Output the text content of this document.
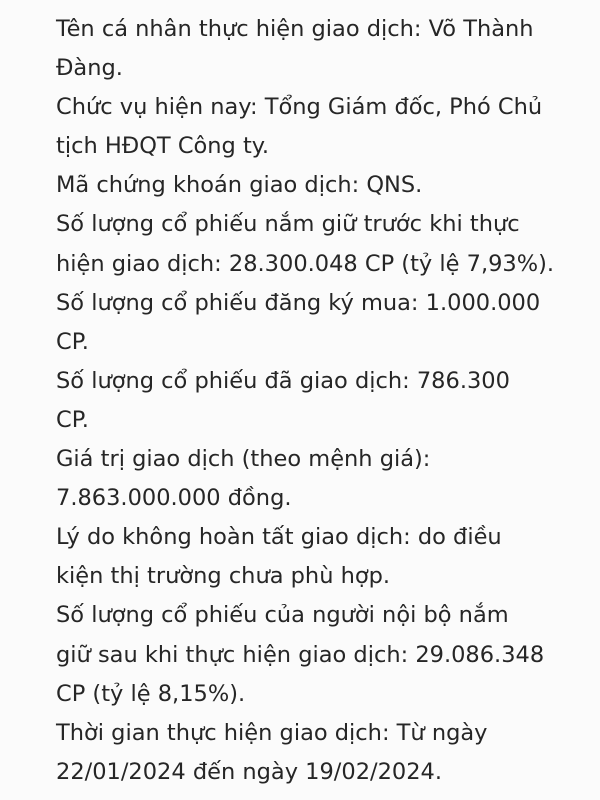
Tên cá nhân thực hiện giao dịch: Võ Thành
Đàng.
Chức vụ hiện nay: Tổng Giám đốc, Phó Chủ
tịch HĐQT Công ty.
Mã chứng khoán giao dịch: QNS.
Số lượng cổ phiếu nắm giữ trước khi thực
hiện giao dịch: 28.300.048 CP (tỷ lệ 7,93%).
Số lượng cổ phiếu đăng ký mua: 1.000.000
CP.
Số lượng cổ phiếu đã giao dịch: 786.300
CP.
Giá trị giao dịch (theo mệnh giá):
7.863.000.000 đồng.
Lý do không hoàn tất giao dịch: do điều
kiện thị trường chưa phù hợp.
Số lượng cổ phiếu của người nội bộ nắm
giữ sau khi thực hiện giao dịch: 29.086.348
CP (tỷ lệ 8,15%).
Thời gian thực hiện giao dịch: Từ ngày
22/01/2024 đến ngày 19/02/2024.
